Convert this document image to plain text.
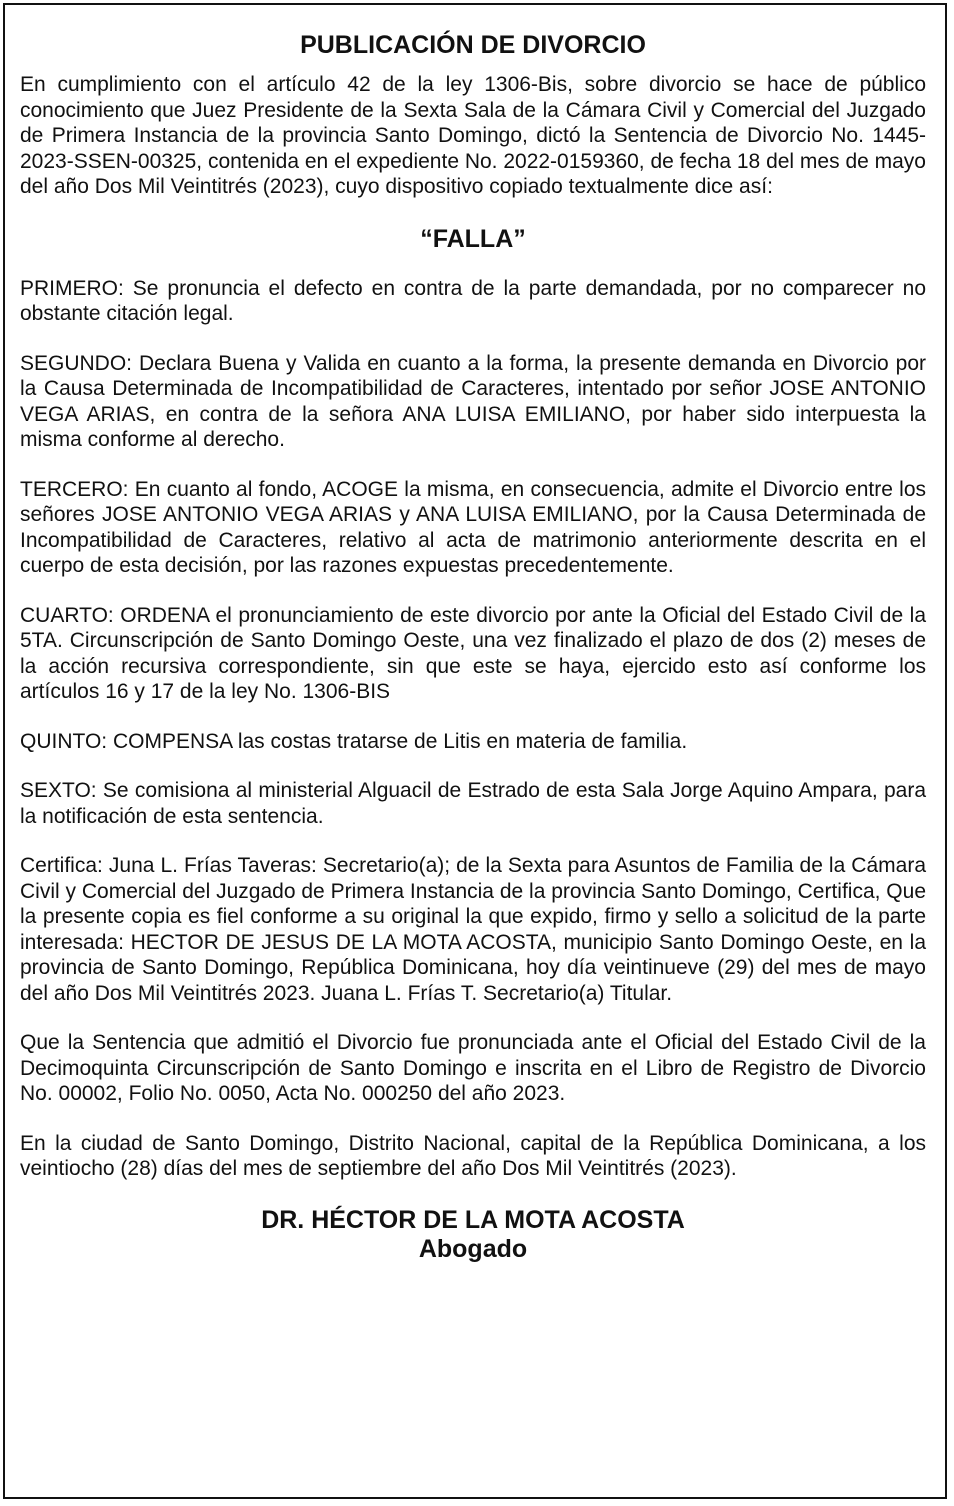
PUBLICACIÓN DE DIVORCIO

En cumplimiento con el artículo 42 de la ley 1306-Bis, sobre divorcio se hace de público conocimiento que Juez Presidente de la Sexta Sala de la Cámara Civil y Comercial del Juzgado de Primera Instancia de la provincia Santo Domingo, dictó la Sentencia de Divorcio No. 1445-2023-SSEN-00325, contenida en el expediente No. 2022-0159360, de fecha 18 del mes de mayo del año Dos Mil Veintitrés (2023), cuyo dispositivo copiado textualmente dice así:

“FALLA”

PRIMERO: Se pronuncia el defecto en contra de la parte demandada, por no comparecer no obstante citación legal.

SEGUNDO: Declara Buena y Valida en cuanto a la forma, la presente demanda en Divorcio por la Causa Determinada de Incompatibilidad de Caracteres, intentado por señor JOSE ANTONIO VEGA ARIAS, en contra de la señora ANA LUISA EMILIANO, por haber sido interpuesta la misma conforme al derecho.

TERCERO: En cuanto al fondo, ACOGE la misma, en consecuencia, admite el Divorcio entre los señores JOSE ANTONIO VEGA ARIAS y ANA LUISA EMILIANO, por la Causa Determinada de Incompatibilidad de Caracteres, relativo al acta de matrimonio anteriormente descrita en el cuerpo de esta decisión, por las razones expuestas precedentemente.

CUARTO: ORDENA el pronunciamiento de este divorcio por ante la Oficial del Estado Civil de la 5TA. Circunscripción de Santo Domingo Oeste, una vez finalizado el plazo de dos (2) meses de la acción recursiva correspondiente, sin que este se haya, ejercido esto así conforme los artículos 16 y 17 de la ley No. 1306-BIS

QUINTO: COMPENSA las costas tratarse de Litis en materia de familia.

SEXTO: Se comisiona al ministerial Alguacil de Estrado de esta Sala Jorge Aquino Ampara, para la notificación de esta sentencia.

Certifica: Juna L. Frías Taveras: Secretario(a); de la Sexta para Asuntos de Familia de la Cámara Civil y Comercial del Juzgado de Primera Instancia de la provincia Santo Domingo, Certifica, Que la presente copia es fiel conforme a su original la que expido, firmo y sello a solicitud de la parte interesada: HECTOR DE JESUS DE LA MOTA ACOSTA, municipio Santo Domingo Oeste, en la provincia de Santo Domingo, República Dominicana, hoy día veintinueve (29) del mes de mayo del año Dos Mil Veintitrés 2023. Juana L. Frías T. Secretario(a) Titular.

Que la Sentencia que admitió el Divorcio fue pronunciada ante el Oficial del Estado Civil de la Decimoquinta Circunscripción de Santo Domingo e inscrita en el Libro de Registro de Divorcio No. 00002, Folio No. 0050, Acta No. 000250 del año 2023.

En la ciudad de Santo Domingo, Distrito Nacional, capital de la República Dominicana, a los veintiocho (28) días del mes de septiembre del año Dos Mil Veintitrés (2023).

DR. HÉCTOR DE LA MOTA ACOSTA
Abogado
